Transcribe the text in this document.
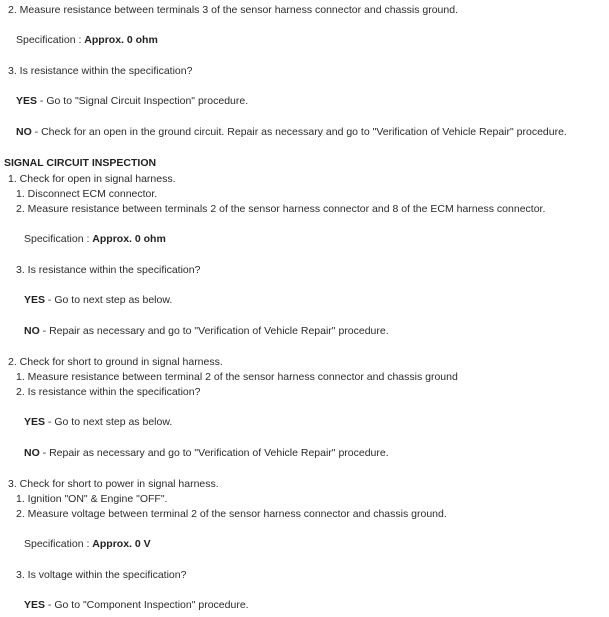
2. Measure resistance between terminals 3 of the sensor harness connector and chassis ground.
Specification : Approx. 0 ohm
3. Is resistance within the specification?
YES - Go to "Signal Circuit Inspection" procedure.
NO - Check for an open in the ground circuit. Repair as necessary and go to "Verification of Vehicle Repair" procedure.
SIGNAL CIRCUIT INSPECTION
1. Check for open in signal harness.
1. Disconnect ECM connector.
2. Measure resistance between terminals 2 of the sensor harness connector and 8 of the ECM harness connector.
Specification : Approx. 0 ohm
3. Is resistance within the specification?
YES - Go to next step as below.
NO - Repair as necessary and go to "Verification of Vehicle Repair" procedure.
2. Check for short to ground in signal harness.
1. Measure resistance between terminal 2 of the sensor harness connector and chassis ground
2. Is resistance within the specification?
YES - Go to next step as below.
NO - Repair as necessary and go to "Verification of Vehicle Repair" procedure.
3. Check for short to power in signal harness.
1. Ignition "ON" & Engine "OFF".
2. Measure voltage between terminal 2 of the sensor harness connector and chassis ground.
Specification : Approx. 0 V
3. Is voltage within the specification?
YES - Go to "Component Inspection" procedure.
